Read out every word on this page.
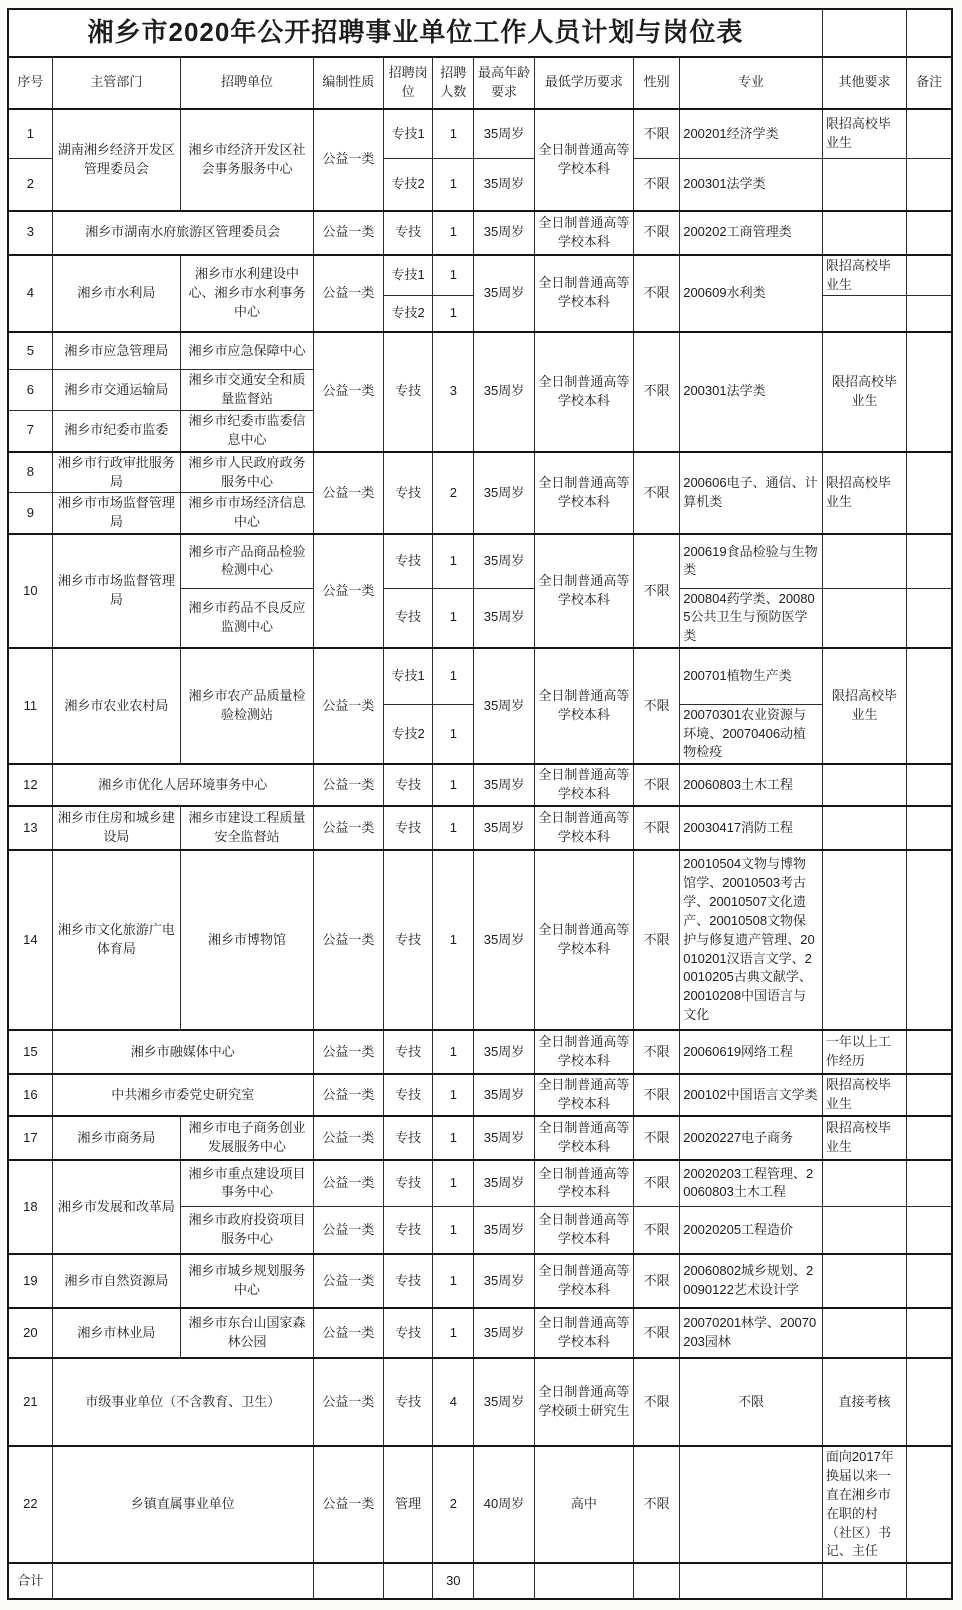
湘乡市2020年公开招聘事业单位工作人员计划与岗位表											
序号	主管部门	招聘单位	编制性质	招聘岗位	招聘人数	最高年龄要求	最低学历要求	性别	专业	其他要求	备注
1	湖南湘乡经济开发区管理委员会	湘乡市经济开发区社会事务服务中心	公益一类	专技1	1	35周岁	全日制普通高等学校本科	不限	200201经济学类	限招高校毕业生	
2				专技2	1	35周岁		不限	200301法学类		
3	湘乡市湖南水府旅游区管理委员会		公益一类	专技	1	35周岁	全日制普通高等学校本科	不限	200202工商管理类		
4	湘乡市水利局	湘乡市水利建设中心、湘乡市水利事务中心	公益一类	专技1	1	35周岁	全日制普通高等学校本科	不限	200609水利类	限招高校毕业生	
				专技2	1						
5	湘乡市应急管理局	湘乡市应急保障中心	公益一类	专技	3	35周岁	全日制普通高等学校本科	不限	200301法学类	限招高校毕业生	
6	湘乡市交通运输局	湘乡市交通安全和质量监督站									
7	湘乡市纪委市监委	湘乡市纪委市监委信息中心									
8	湘乡市行政审批服务局	湘乡市人民政府政务服务中心	公益一类	专技	2	35周岁	全日制普通高等学校本科	不限	200606电子、通信、计算机类	限招高校毕业生	
9	湘乡市市场监督管理局	湘乡市市场经济信息中心									
10	湘乡市市场监督管理局	湘乡市产品商品检验检测中心	公益一类	专技	1	35周岁	全日制普通高等学校本科	不限	200619食品检验与生物类		
		湘乡市药品不良反应监测中心		专技	1	35周岁			200804药学类、200805公共卫生与预防医学类		
11	湘乡市农业农村局	湘乡市农产品质量检验检测站	公益一类	专技1	1	35周岁	全日制普通高等学校本科	不限	200701植物生产类	限招高校毕业生	
				专技2	1				20070301农业资源与环境、20070406动植物检疫		
12	湘乡市优化人居环境事务中心		公益一类	专技	1	35周岁	全日制普通高等学校本科	不限	20060803土木工程		
13	湘乡市住房和城乡建设局	湘乡市建设工程质量安全监督站	公益一类	专技	1	35周岁	全日制普通高等学校本科	不限	20030417消防工程		
14	湘乡市文化旅游广电体育局	湘乡市博物馆	公益一类	专技	1	35周岁	全日制普通高等学校本科	不限	20010504文物与博物馆学、20010503考古学、20010507文化遗产、20010508文物保护与修复遗产管理、20010201汉语言文学、20010205古典文献学、20010208中国语言与文化		
15	湘乡市融媒体中心		公益一类	专技	1	35周岁	全日制普通高等学校本科	不限	20060619网络工程	一年以上工作经历	
16	中共湘乡市委党史研究室		公益一类	专技	1	35周岁	全日制普通高等学校本科	不限	200102中国语言文学类	限招高校毕业生	
17	湘乡市商务局	湘乡市电子商务创业发展服务中心	公益一类	专技	1	35周岁	全日制普通高等学校本科	不限	20020227电子商务	限招高校毕业生	
18	湘乡市发展和改革局	湘乡市重点建设项目事务中心	公益一类	专技	1	35周岁	全日制普通高等学校本科	不限	20020203工程管理、20060803土木工程		
		湘乡市政府投资项目服务中心	公益一类	专技	1	35周岁	全日制普通高等学校本科	不限	20020205工程造价		
19	湘乡市自然资源局	湘乡市城乡规划服务中心	公益一类	专技	1	35周岁	全日制普通高等学校本科	不限	20060802城乡规划、20090122艺术设计学		
20	湘乡市林业局	湘乡市东台山国家森林公园	公益一类	专技	1	35周岁	全日制普通高等学校本科	不限	20070201林学、20070203园林		
21	市级事业单位（不含教育、卫生）		公益一类	专技	4	35周岁	全日制普通高等学校硕士研究生	不限	不限	直接考核	
22	乡镇直属事业单位		公益一类	管理	2	40周岁	高中	不限		面向2017年换届以来一直在湘乡市在职的村（社区）书记、主任	
合计					30						
